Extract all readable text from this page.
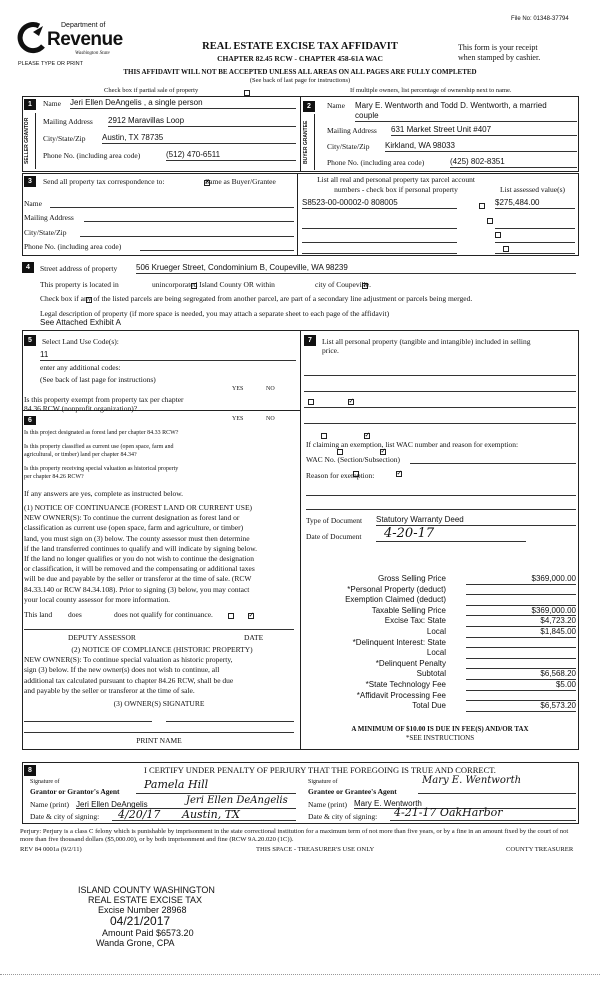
File No: 01348-37794
Department of
Revenue
Washington State
PLEASE TYPE OR PRINT
REAL ESTATE EXCISE TAX AFFIDAVIT
CHAPTER 82.45 RCW - CHAPTER 458-61A WAC
This form is your receipt
when stamped by cashier.
THIS AFFIDAVIT WILL NOT BE ACCEPTED UNLESS ALL AREAS ON ALL PAGES ARE FULLY COMPLETED
(See back of last page for instructions)
Check box if partial sale of property
	If multiple owners, list percentage of ownership next to name.
1
SELLER GRANTOR
Name Jeri Ellen DeAngelis , a single person
Mailing Address 2912 Maravillas Loop
City/State/Zip Austin, TX 78735
Phone No. (including area code)	(512) 470-6511
2
BUYER GRANTEE
Name Mary E. Wentworth and Todd D. Wentworth, a married
couple
Mailing Address 631 Market Street Unit #407
City/State/Zip Kirkland, WA 98033
Phone No. (including area code)	(425) 802-8351
3	Send all property tax correspondence to: ✓	Same as Buyer/Grantee
Name
Mailing Address
City/State/Zip
Phone No. (including area code)
List all real and personal property tax parcel account
numbers - check box if personal property	List assessed value(s)
S8523-00-00002-0 808005
	$275,484.00

4	Street address of property 506 Krueger Street, Condominium B, Coupeville, WA 98239
This property is located in
	unincorporated Island County OR within ✓	city of Coupeville.

Check box if any of the listed parcels are being segregated from another parcel, are part of a secondary line adjustment or parcels being merged.
Legal description of property (if more space is needed, you may attach a separate sheet to each page of the affidavit)
See Attached Exhibit A
5	Select Land Use Code(s):
11
enter any additional codes:
(See back of last page for instructions)
YES	NO
Is this property exempt from property tax per chapter
84.36 RCW (nonprofit organization)?
✓
6	YES	NO
Is this project designated as forest land per chapter 84.33 RCW?
✓
Is this property classified as current use (open space, farm and
agricultural, or timber) land per chapter 84.34?
✓
Is this property receiving special valuation as historical property
per chapter 84.26 RCW?
✓
If any answers are yes, complete as instructed below.
(1) NOTICE OF CONTINUANCE (FOREST LAND OR CURRENT USE)
NEW OWNER(S): To continue the current designation as forest land or
classification as current use (open space, farm and agriculture, or timber)
land, you must sign on (3) below. The county assessor must then determine
if the land transferred continues to qualify and will indicate by signing below.
If the land no longer qualifies or you do not wish to continue the designation
or classification, it will be removed and the compensating or additional taxes
will be due and payable by the seller or transferor at the time of sale. (RCW
84.33.140 or RCW 84.34.108). Prior to signing (3) below, you may contact
your local county assessor for more information.
This land does ✓	does not qualify for continuance.
DEPUTY ASSESSOR	DATE
(2) NOTICE OF COMPLIANCE (HISTORIC PROPERTY)
NEW OWNER(S): To continue special valuation as historic property,
sign (3) below. If the new owner(s) does not wish to continue, all
additional tax calculated pursuant to chapter 84.26 RCW, shall be due
and payable by the seller or transferor at the time of sale.
(3) OWNER(S) SIGNATURE
PRINT NAME
7	List all personal property (tangible and intangible) included in selling
price.
If claiming an exemption, list WAC number and reason for exemption:
WAC No. (Section/Subsection)
Reason for exemption:
Type of Document Statutory Warranty Deed
Date of Document	4-20-17
Gross Selling Price	$369,000.00
*Personal Property (deduct)
Exemption Claimed (deduct)
Taxable Selling Price	$369,000.00
Excise Tax: State	$4,723.20
Local	$1,845.00
*Delinquent Interest: State
Local
*Delinquent Penalty
Subtotal	$6,568.20
*State Technology Fee	$5.00
*Affidavit Processing Fee
Total Due	$6,573.20
A MINIMUM OF $10.00 IS DUE IN FEE(S) AND/OR TAX
*SEE INSTRUCTIONS
8	I CERTIFY UNDER PENALTY OF PERJURY THAT THE FOREGOING IS TRUE AND CORRECT.
Signature of
Grantor or Grantor's Agent
Pamela Hill
Name (print) Jeri Ellen DeAngelis	Jeri Ellen DeAngelis
Date & city of signing: 4/20/17 Austin, TX
Signature of
Grantee or Grantee's Agent
Mary E. Wentworth
Name (print) Mary E. Wentworth
Date & city of signing:	4-21-17 OakHarbor
Perjury: Perjury is a class C felony which is punishable by imprisonment in the state correctional institution for a maximum term of not more than five years, or by a fine in an amount fixed by the court of not more than five thousand dollars ($5,000.00), or by both imprisonment and fine (RCW 9A.20.020 (1C)).
REV 84 0001a (9/2/11)	THIS SPACE - TREASURER'S USE ONLY	COUNTY TREASURER
ISLAND COUNTY WASHINGTON
REAL ESTATE EXCISE TAX
Excise Number 28968
04/21/2017
Amount Paid $6573.20
Wanda Grone, CPA
